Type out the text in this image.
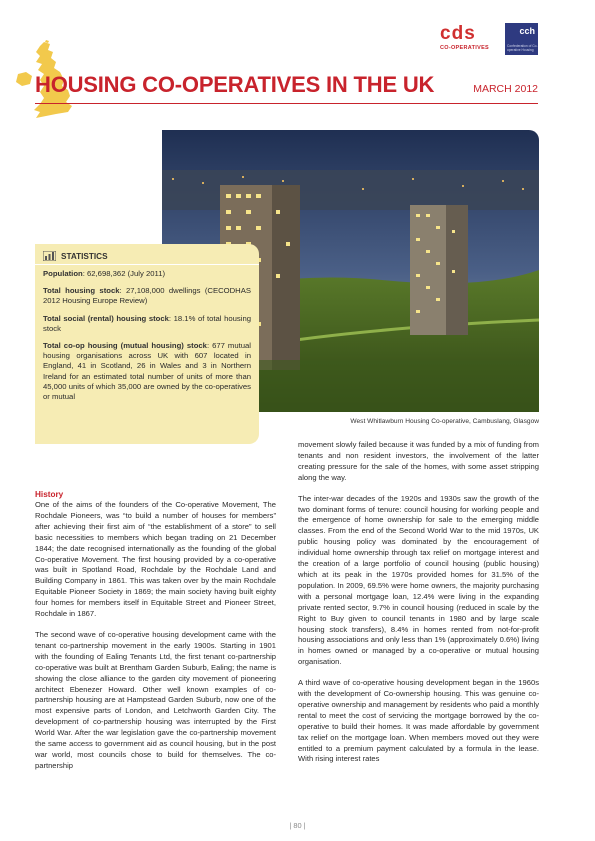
HOUSING CO-OPERATIVES IN THE UK	MARCH 2012
c d s
CO-OPERATIVES
cch
Confederation of Co-operative Housing
West Whitlawburn Housing Co-operative, Cambuslang, Glasgow
STATISTICS
Population: 62,698,362 (July 2011)
Total housing stock: 27,108,000 dwellings (CECODHAS 2012 Housing Europe Review)
Total social (rental) housing stock: 18.1% of total housing stock
Total co-op housing (mutual housing) stock: 677 mutual housing organisations across UK with 607 located in England, 41 in Scotland, 26 in Wales and 3 in Northern Ireland for an estimated total number of units of more than 45,000 units of which 35,000 are owned by the co-operatives or mutual
History

One of the aims of the founders of the Co-operative Movement, The Rochdale Pioneers, was “to build a number of houses for members” after achieving their first aim of “the establishment of a store” to sell basic necessities to members which began trading on 21 December 1844; the date recognised internationally as the founding of the global Co-operative Movement. The first housing provided by a co-operative was built in Spotland Road, Rochdale by the Rochdale Land and Building Company in 1861. This was taken over by the main Rochdale Equitable Pioneer Society in 1869; the main society having built eighty four homes for members itself in Equitable Street and Pioneer Street, Rochdale in 1867.

The second wave of co-operative housing development came with the tenant co-partnership movement in the early 1900s. Starting in 1901 with the founding of Ealing Tenants Ltd, the first tenant co-partnership co-operative was built at Brentham Garden Suburb, Ealing; the name is showing the close alliance to the garden city movement of pioneering architect Ebenezer Howard. Other well known examples of co-partnership housing are at Hampstead Garden Suburb, now one of the most expensive parts of London, and Letchworth Garden City. The development of co-partnership housing was interrupted by the First World War. After the war legislation gave the co-partnership movement the same access to government aid as council housing, but in the post war world, most councils chose to build for themselves. The co-partnership

movement slowly failed because it was funded by a mix of funding from tenants and non resident investors, the involvement of the latter creating pressure for the sale of the homes, with some asset stripping along the way.

The inter-war decades of the 1920s and 1930s saw the growth of the two dominant forms of tenure: council housing for working people and the emergence of home ownership for sale to the emerging middle classes. From the end of the Second World War to the mid 1970s, UK public housing policy was dominated by the encouragement of individual home ownership through tax relief on mortgage interest and the creation of a large portfolio of council housing (public housing) which at its peak in the 1970s provided homes for 31.5% of the population. In 2009, 69.5% were home owners, the majority purchasing with a personal mortgage loan, 12.4% were living in the expanding private rented sector, 9.7% in council housing (reduced in scale by the Right to Buy given to council tenants in 1980 and by large scale housing stock transfers), 8.4% in homes rented from not-for-profit housing associations and only less than 1% (approximately 0.6%) living in homes owned or managed by a co-operative or mutual housing organisation.

A third wave of co-operative housing development began in the 1960s with the development of Co-ownership housing. This was genuine co-operative ownership and management by residents who paid a monthly rental to meet the cost of servicing the mortgage borrowed by the co-operative to build their homes. It was made affordable by government tax relief on the mortgage loan. When members moved out they were entitled to a premium payment calculated by a formula in the lease. With rising interest rates

| 80 |
